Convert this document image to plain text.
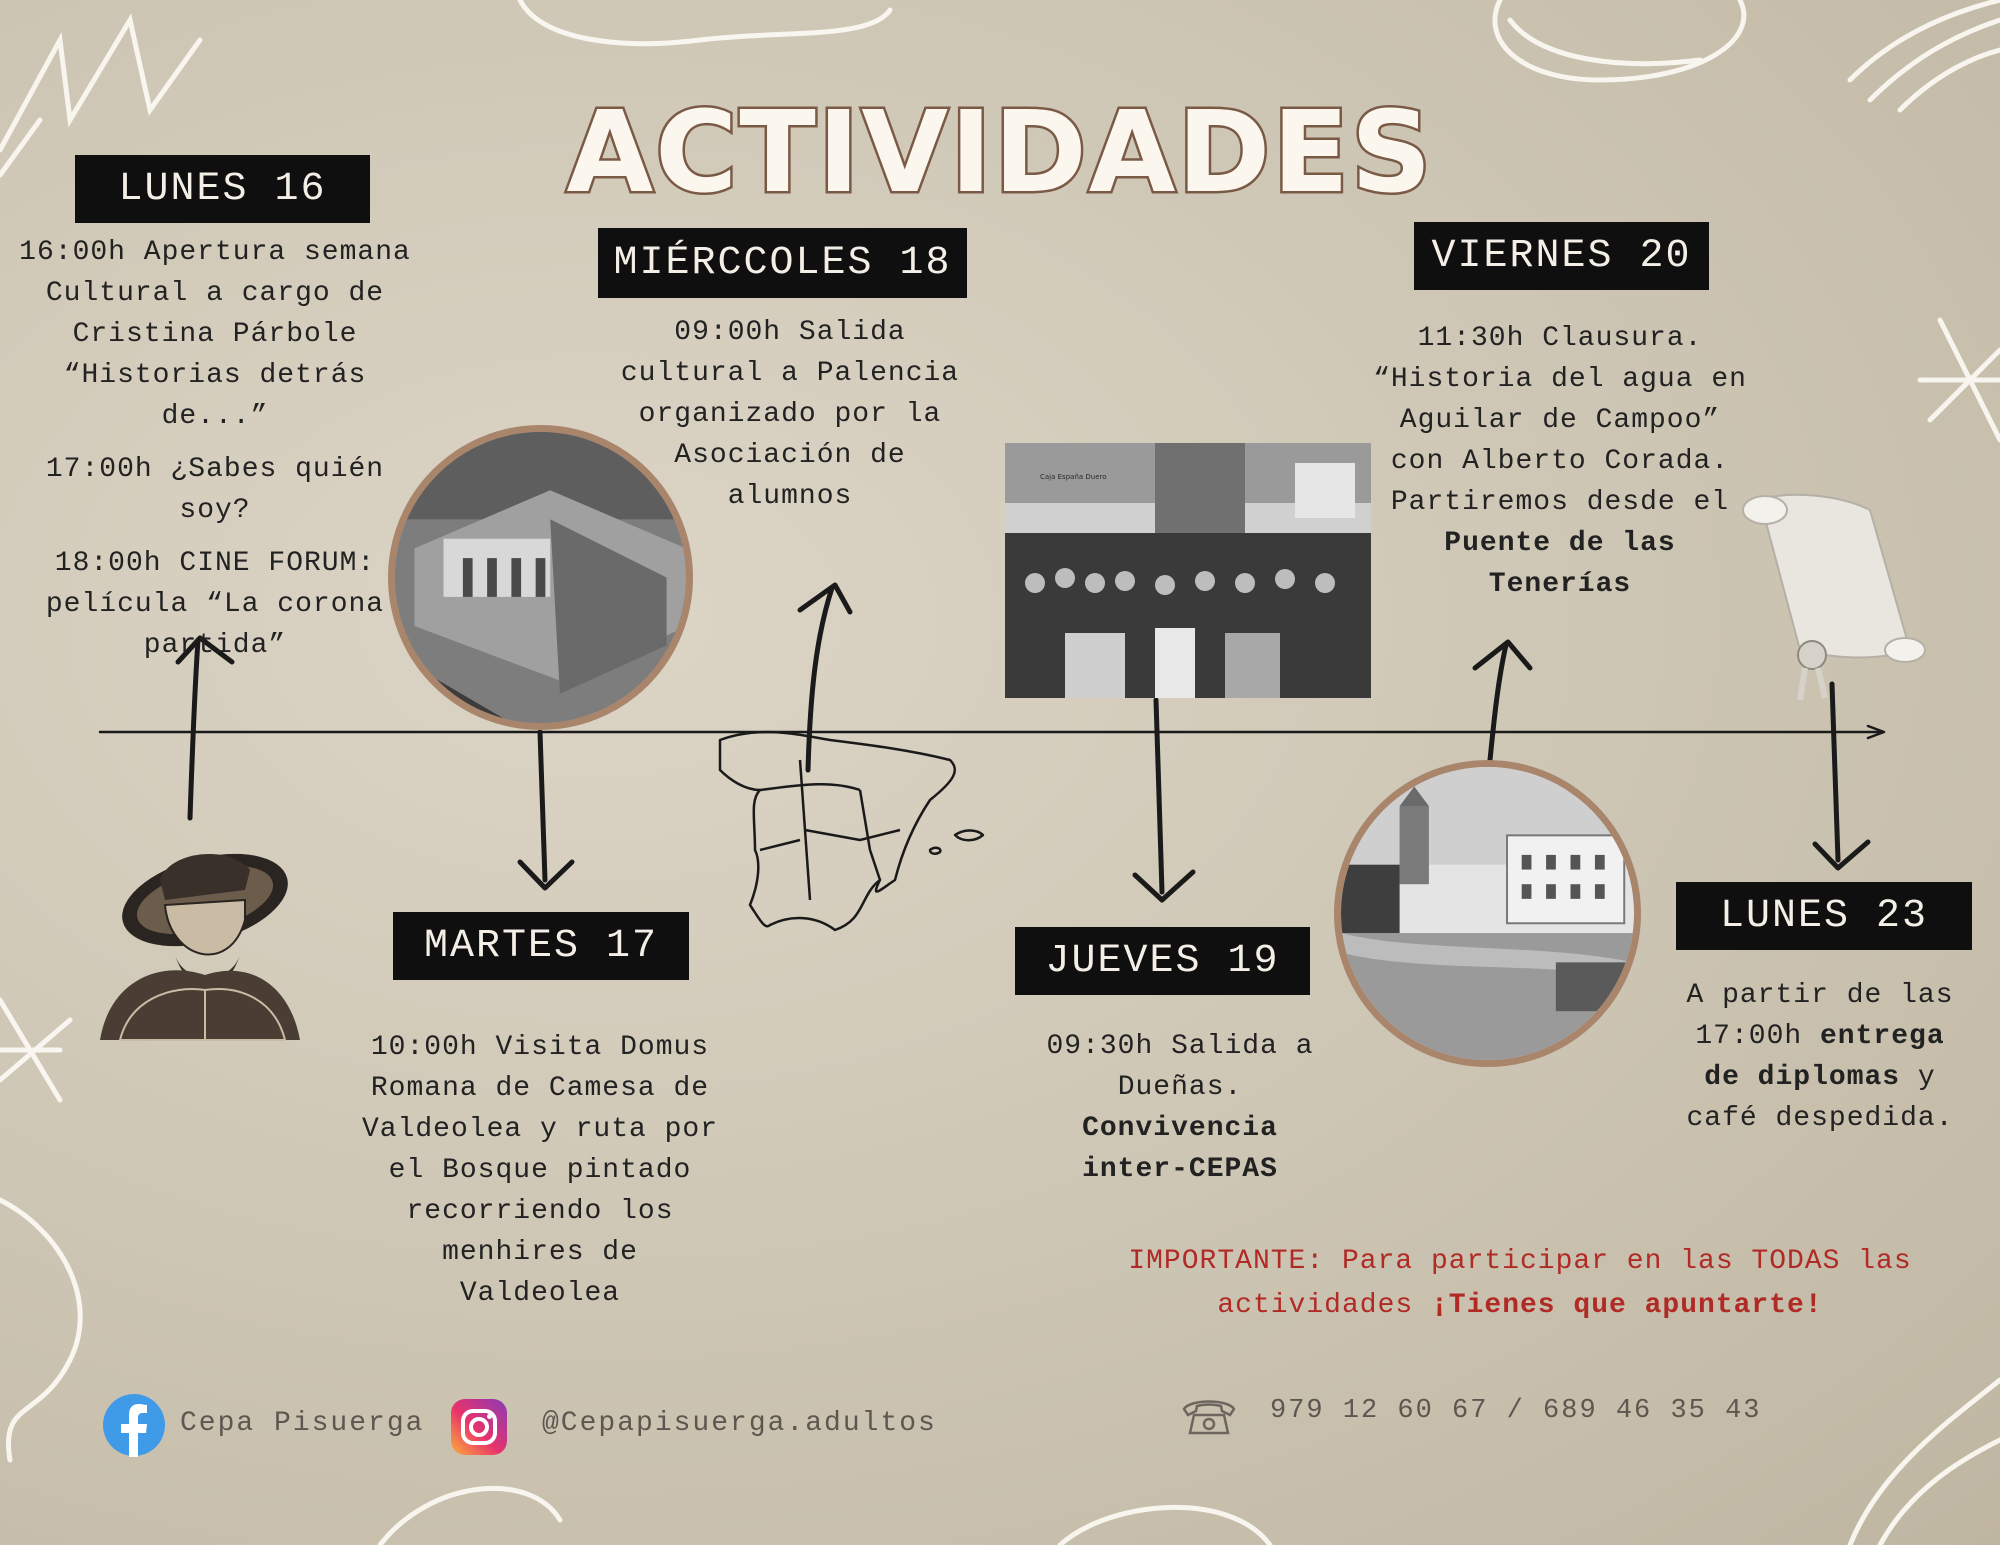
ACTIVIDADES
LUNES 16

16:00h Apertura semana

Cultural a cargo de

Cristina Párbole

“Historias detrás de...”

17:00h ¿Sabes quién soy?

18:00h CINE FORUM:

película “La corona

partida”

MARTES 17

10:00h Visita Domus

Romana de Camesa de

Valdeolea y ruta por

el Bosque pintado

recorriendo los

menhires de

Valdeolea

MIÉRCCOLES 18

09:00h Salida

cultural a Palencia

organizado por la

Asociación de

alumnos

Caja España Duero
JUEVES 19

09:30h Salida a

Dueñas.

Convivencia

inter-CEPAS

VIERNES 20

11:30h Clausura.

“Historia del agua en

Aguilar de Campoo”

con Alberto Corada.

Partiremos desde el

Puente de las

Tenerías

LUNES 23

A partir de las

17:00h entrega

de diplomas y

café despedida.

IMPORTANTE: Para participar en las TODAS las

actividades ¡Tienes que apuntarte!

Cepa Pisuerga	@Cepapisuerga.adultos	979 12 60 67 / 689 46 35 43
